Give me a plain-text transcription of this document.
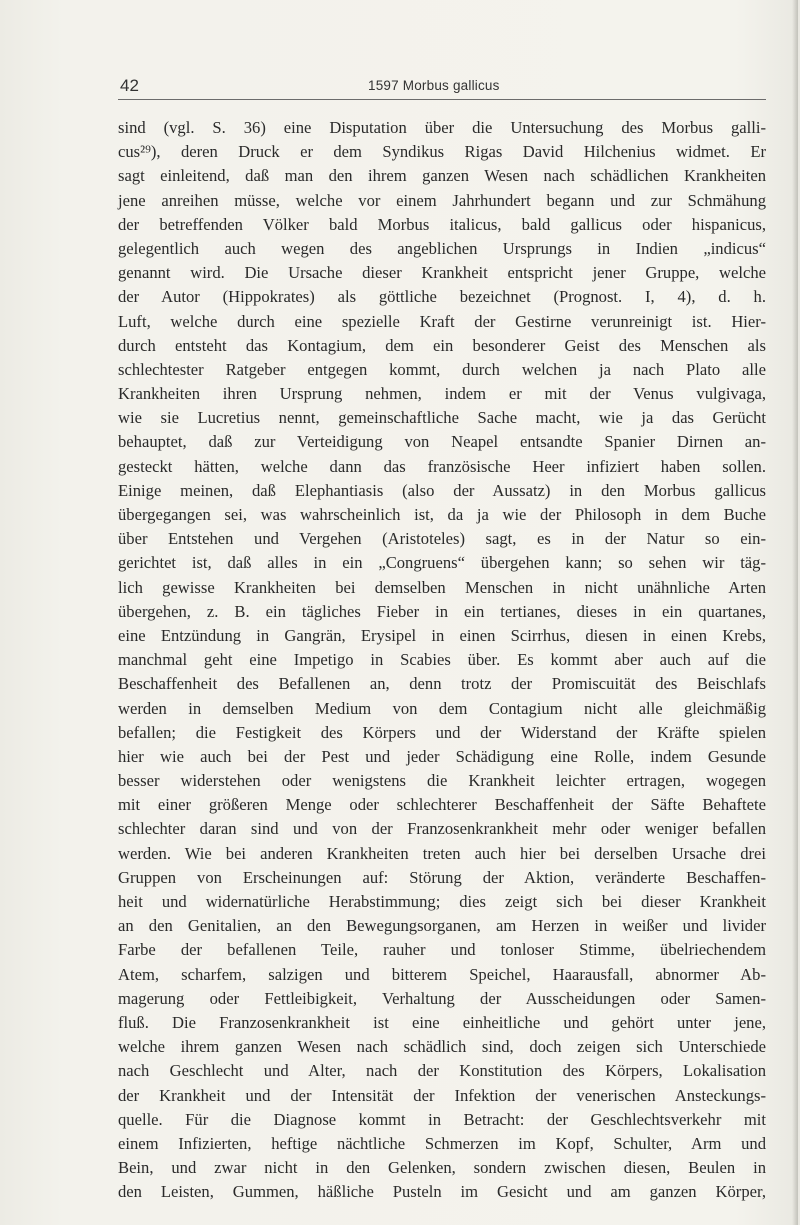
42	1597 Morbus gallicus
sind (vgl. S. 36) eine Disputation über die Untersuchung des Morbus galli-
cus²⁹), deren Druck er dem Syndikus Rigas David Hilchenius widmet. Er
sagt einleitend, daß man den ihrem ganzen Wesen nach schädlichen Krankheiten
jene anreihen müsse, welche vor einem Jahrhundert begann und zur Schmähung
der betreffenden Völker bald Morbus italicus, bald gallicus oder hispanicus,
gelegentlich auch wegen des angeblichen Ursprungs in Indien „indicus“
genannt wird. Die Ursache dieser Krankheit entspricht jener Gruppe, welche
der Autor (Hippokrates) als göttliche bezeichnet (Prognost. I, 4), d. h.
Luft, welche durch eine spezielle Kraft der Gestirne verunreinigt ist. Hier-
durch entsteht das Kontagium, dem ein besonderer Geist des Menschen als
schlechtester Ratgeber entgegen kommt, durch welchen ja nach Plato alle
Krankheiten ihren Ursprung nehmen, indem er mit der Venus vulgivaga,
wie sie Lucretius nennt, gemeinschaftliche Sache macht, wie ja das Gerücht
behauptet, daß zur Verteidigung von Neapel entsandte Spanier Dirnen an-
gesteckt hätten, welche dann das französische Heer infiziert haben sollen.
Einige meinen, daß Elephantiasis (also der Aussatz) in den Morbus gallicus
übergegangen sei, was wahrscheinlich ist, da ja wie der Philosoph in dem Buche
über Entstehen und Vergehen (Aristoteles) sagt, es in der Natur so ein-
gerichtet ist, daß alles in ein „Congruens“ übergehen kann; so sehen wir täg-
lich gewisse Krankheiten bei demselben Menschen in nicht unähnliche Arten
übergehen, z. B. ein tägliches Fieber in ein tertianes, dieses in ein quartanes,
eine Entzündung in Gangrän, Erysipel in einen Scirrhus, diesen in einen Krebs,
manchmal geht eine Impetigo in Scabies über. Es kommt aber auch auf die
Beschaffenheit des Befallenen an, denn trotz der Promiscuität des Beischlafs
werden in demselben Medium von dem Contagium nicht alle gleichmäßig
befallen; die Festigkeit des Körpers und der Widerstand der Kräfte spielen
hier wie auch bei der Pest und jeder Schädigung eine Rolle, indem Gesunde
besser widerstehen oder wenigstens die Krankheit leichter ertragen, wogegen
mit einer größeren Menge oder schlechterer Beschaffenheit der Säfte Behaftete
schlechter daran sind und von der Franzosenkrankheit mehr oder weniger befallen
werden. Wie bei anderen Krankheiten treten auch hier bei derselben Ursache drei
Gruppen von Erscheinungen auf: Störung der Aktion, veränderte Beschaffen-
heit und widernatürliche Herabstimmung; dies zeigt sich bei dieser Krankheit
an den Genitalien, an den Bewegungsorganen, am Herzen in weißer und livider
Farbe der befallenen Teile, rauher und tonloser Stimme, übelriechendem
Atem, scharfem, salzigen und bitterem Speichel, Haarausfall, abnormer Ab-
magerung oder Fettleibigkeit, Verhaltung der Ausscheidungen oder Samen-
fluß. Die Franzosenkrankheit ist eine einheitliche und gehört unter jene,
welche ihrem ganzen Wesen nach schädlich sind, doch zeigen sich Unterschiede
nach Geschlecht und Alter, nach der Konstitution des Körpers, Lokalisation
der Krankheit und der Intensität der Infektion der venerischen Ansteckungs-
quelle. Für die Diagnose kommt in Betracht: der Geschlechtsverkehr mit
einem Infizierten, heftige nächtliche Schmerzen im Kopf, Schulter, Arm und
Bein, und zwar nicht in den Gelenken, sondern zwischen diesen, Beulen in
den Leisten, Gummen, häßliche Pusteln im Gesicht und am ganzen Körper,
